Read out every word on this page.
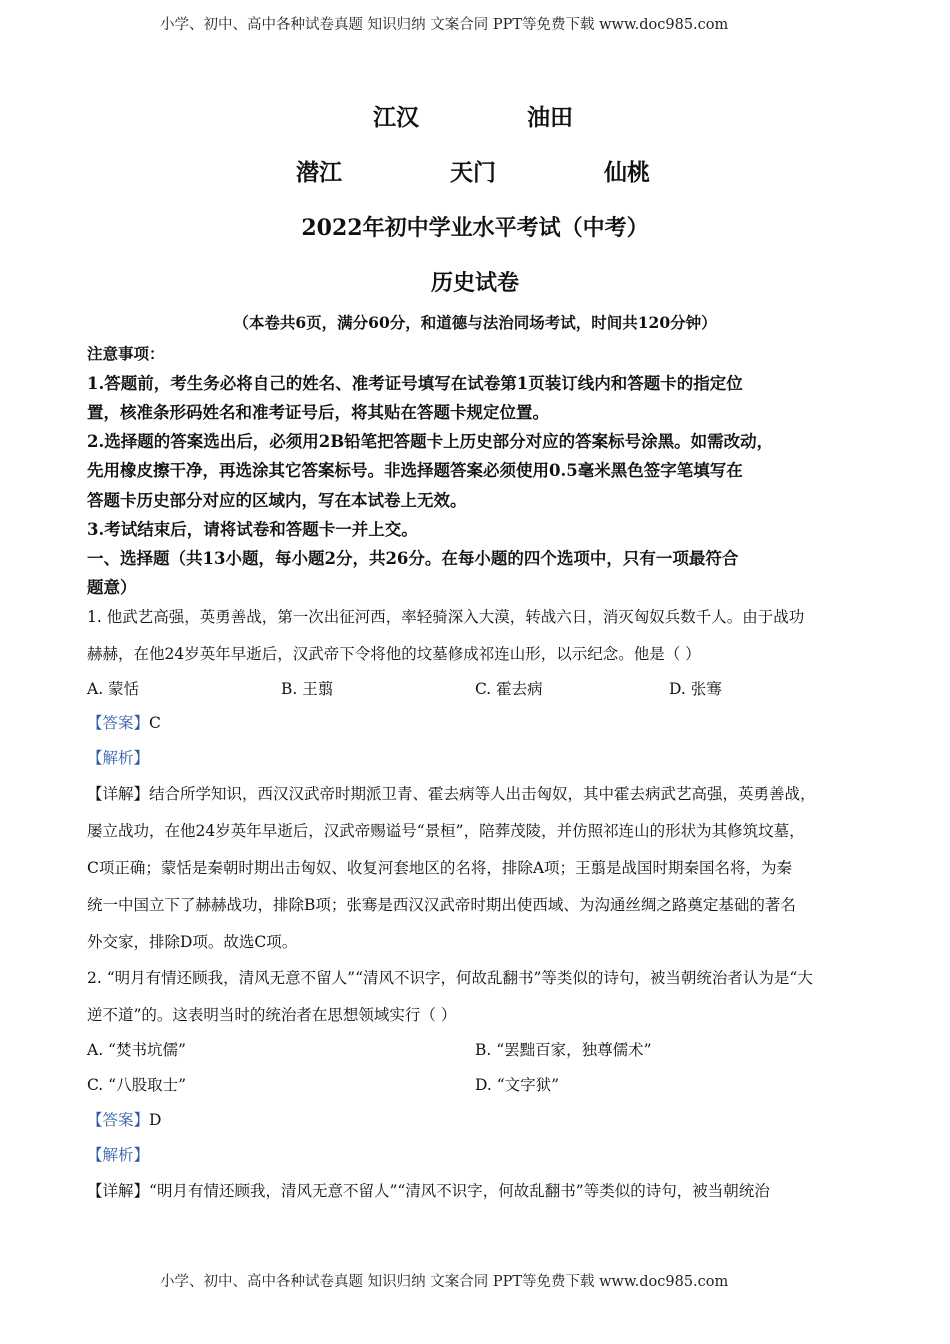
小学、初中、高中各种试卷真题 知识归纳 文案合同 PPT等免费下载 www.doc985.com
江汉	油田
潜江	天门	仙桃
2022年初中学业水平考试（中考）
历史试卷
（本卷共6页，满分60分，和道德与法治同场考试，时间共120分钟）
注意事项：
1.答题前，考生务必将自己的姓名、准考证号填写在试卷第1页装订线内和答题卡的指定位
置，核准条形码姓名和准考证号后，将其贴在答题卡规定位置。
2.选择题的答案选出后，必须用2B铅笔把答题卡上历史部分对应的答案标号涂黑。如需改动，
先用橡皮擦干净，再选涂其它答案标号。非选择题答案必须使用0.5毫米黑色签字笔填写在
答题卡历史部分对应的区域内，写在本试卷上无效。
3.考试结束后，请将试卷和答题卡一并上交。
一、选择题（共13小题，每小题2分，共26分。在每小题的四个选项中，只有一项最符合
题意）
1. 他武艺高强，英勇善战，第一次出征河西，率轻骑深入大漠，转战六日，消灭匈奴兵数千人。由于战功
赫赫，在他24岁英年早逝后，汉武帝下令将他的坟墓修成祁连山形，以示纪念。他是（ ）
A. 蒙恬	B. 王翦	C. 霍去病	D. 张骞
【答案】C
【解析】
【详解】结合所学知识，西汉汉武帝时期派卫青、霍去病等人出击匈奴，其中霍去病武艺高强，英勇善战，
屡立战功，在他24岁英年早逝后，汉武帝赐谥号“景桓”，陪葬茂陵，并仿照祁连山的形状为其修筑坟墓，
C项正确；蒙恬是秦朝时期出击匈奴、收复河套地区的名将，排除A项；王翦是战国时期秦国名将，为秦
统一中国立下了赫赫战功，排除B项；张骞是西汉汉武帝时期出使西域、为沟通丝绸之路奠定基础的著名
外交家，排除D项。故选C项。
2. “明月有情还顾我，清风无意不留人”“清风不识字，何故乱翻书”等类似的诗句，被当朝统治者认为是“大
逆不道”的。这表明当时的统治者在思想领域实行（ ）
A. “焚书坑儒”	B. “罢黜百家，独尊儒术”
C. “八股取士”	D. “文字狱”
【答案】D
【解析】
【详解】“明月有情还顾我，清风无意不留人”“清风不识字，何故乱翻书”等类似的诗句，被当朝统治
小学、初中、高中各种试卷真题 知识归纳 文案合同 PPT等免费下载 www.doc985.com
